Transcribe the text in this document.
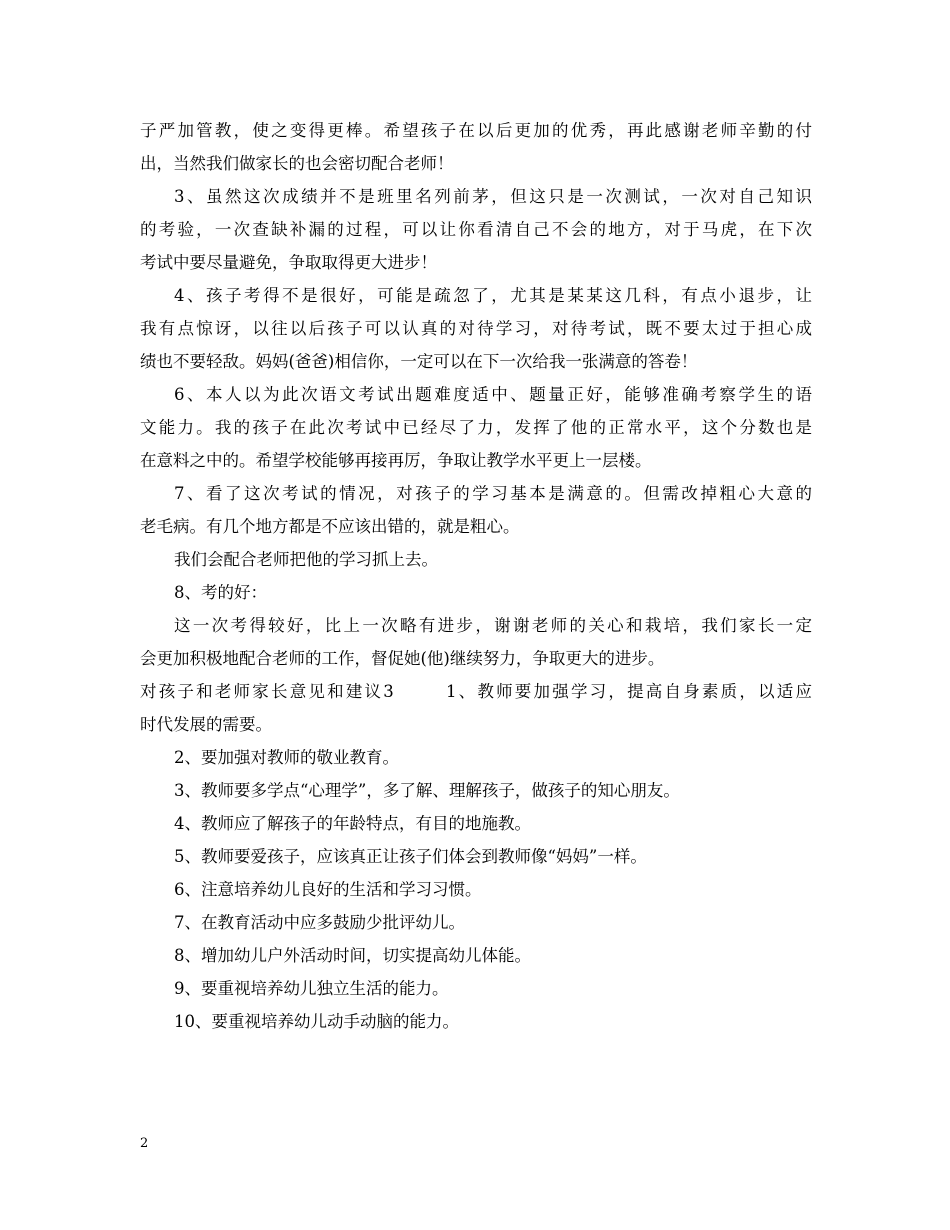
子严加管教，使之变得更棒。希望孩子在以后更加的优秀，再此感谢老师辛勤的付
出，当然我们做家长的也会密切配合老师！
3、虽然这次成绩并不是班里名列前茅，但这只是一次测试，一次对自己知识
的考验，一次查缺补漏的过程，可以让你看清自己不会的地方，对于马虎，在下次
考试中要尽量避免，争取取得更大进步！
4、孩子考得不是很好，可能是疏忽了，尤其是某某这几科，有点小退步，让
我有点惊讶，以往以后孩子可以认真的对待学习，对待考试，既不要太过于担心成
绩也不要轻敌。妈妈(爸爸)相信你，一定可以在下一次给我一张满意的答卷！
6、本人以为此次语文考试出题难度适中、题量正好，能够准确考察学生的语
文能力。我的孩子在此次考试中已经尽了力，发挥了他的正常水平，这个分数也是
在意料之中的。希望学校能够再接再厉，争取让教学水平更上一层楼。
7、看了这次考试的情况，对孩子的学习基本是满意的。但需改掉粗心大意的
老毛病。有几个地方都是不应该出错的，就是粗心。
我们会配合老师把他的学习抓上去。
8、考的好：
这一次考得较好，比上一次略有进步，谢谢老师的关心和栽培，我们家长一定
会更加积极地配合老师的工作，督促她(他)继续努力，争取更大的进步。
对孩子和老师家长意见和建议3       1、教师要加强学习，提高自身素质，以适应
时代发展的需要。
2、要加强对教师的敬业教育。
3、教师要多学点“心理学”，多了解、理解孩子，做孩子的知心朋友。
4、教师应了解孩子的年龄特点，有目的地施教。
5、教师要爱孩子，应该真正让孩子们体会到教师像“妈妈”一样。
6、注意培养幼儿良好的生活和学习习惯。
7、在教育活动中应多鼓励少批评幼儿。
8、增加幼儿户外活动时间，切实提高幼儿体能。
9、要重视培养幼儿独立生活的能力。
10、要重视培养幼儿动手动脑的能力。
2
